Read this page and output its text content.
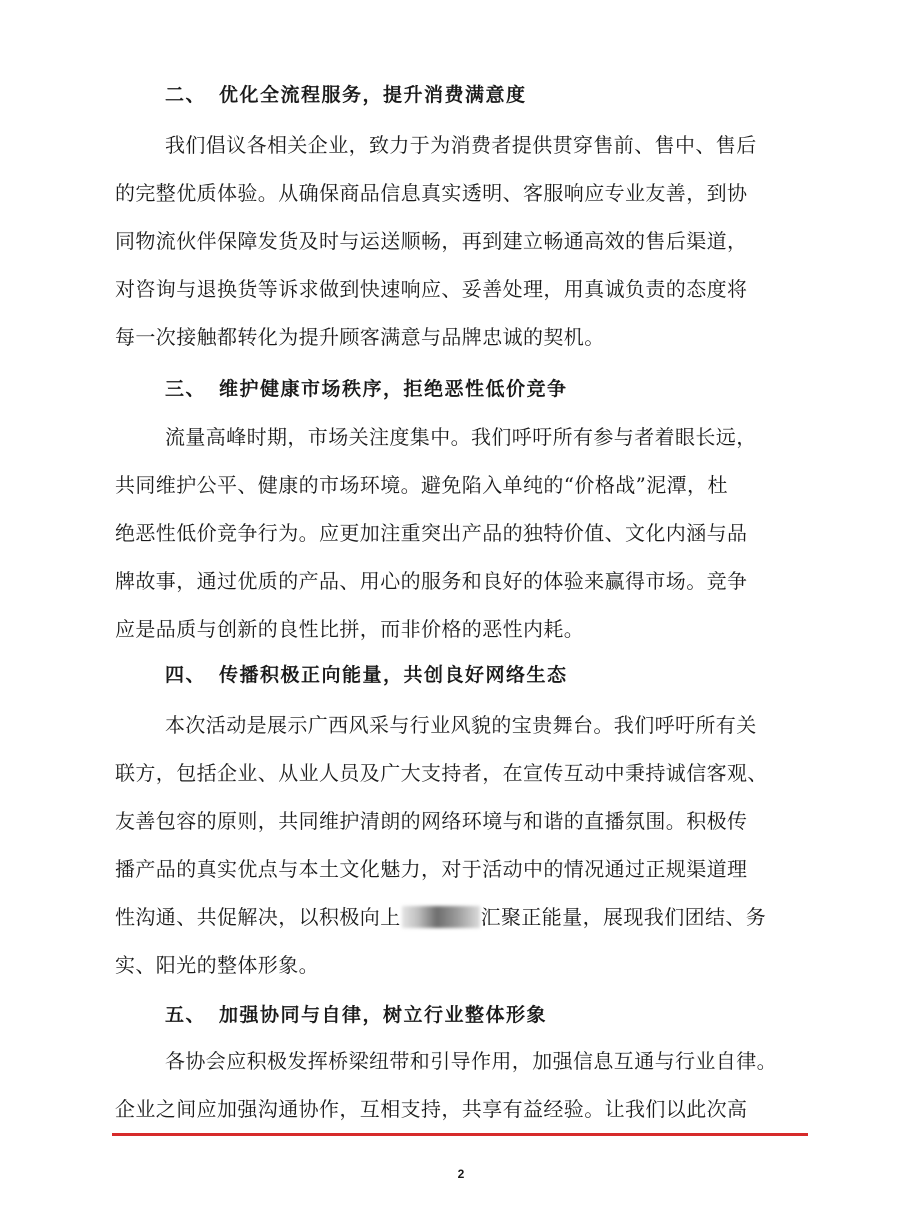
二、 优化全流程服务，提升消费满意度

我们倡议各相关企业，致力于为消费者提供贯穿售前、售中、售后

的完整优质体验。从确保商品信息真实透明、客服响应专业友善，到协

同物流伙伴保障发货及时与运送顺畅，再到建立畅通高效的售后渠道，

对咨询与退换货等诉求做到快速响应、妥善处理，用真诚负责的态度将

每一次接触都转化为提升顾客满意与品牌忠诚的契机。

三、 维护健康市场秩序，拒绝恶性低价竞争

流量高峰时期，市场关注度集中。我们呼吁所有参与者着眼长远，

共同维护公平、健康的市场环境。避免陷入单纯的“价格战”泥潭，杜

绝恶性低价竞争行为。应更加注重突出产品的独特价值、文化内涵与品

牌故事，通过优质的产品、用心的服务和良好的体验来赢得市场。竞争

应是品质与创新的良性比拼，而非价格的恶性内耗。

四、 传播积极正向能量，共创良好网络生态

本次活动是展示广西风采与行业风貌的宝贵舞台。我们呼吁所有关

联方，包括企业、从业人员及广大支持者，在宣传互动中秉持诚信客观、

友善包容的原则，共同维护清朗的网络环境与和谐的直播氛围。积极传

播产品的真实优点与本土文化魅力，对于活动中的情况通过正规渠道理

性沟通、共促解决，以积极向上	汇聚正能量，展现我们团结、务

实、阳光的整体形象。

五、 加强协同与自律，树立行业整体形象

各协会应积极发挥桥梁纽带和引导作用，加强信息互通与行业自律。

企业之间应加强沟通协作，互相支持，共享有益经验。让我们以此次高

2
